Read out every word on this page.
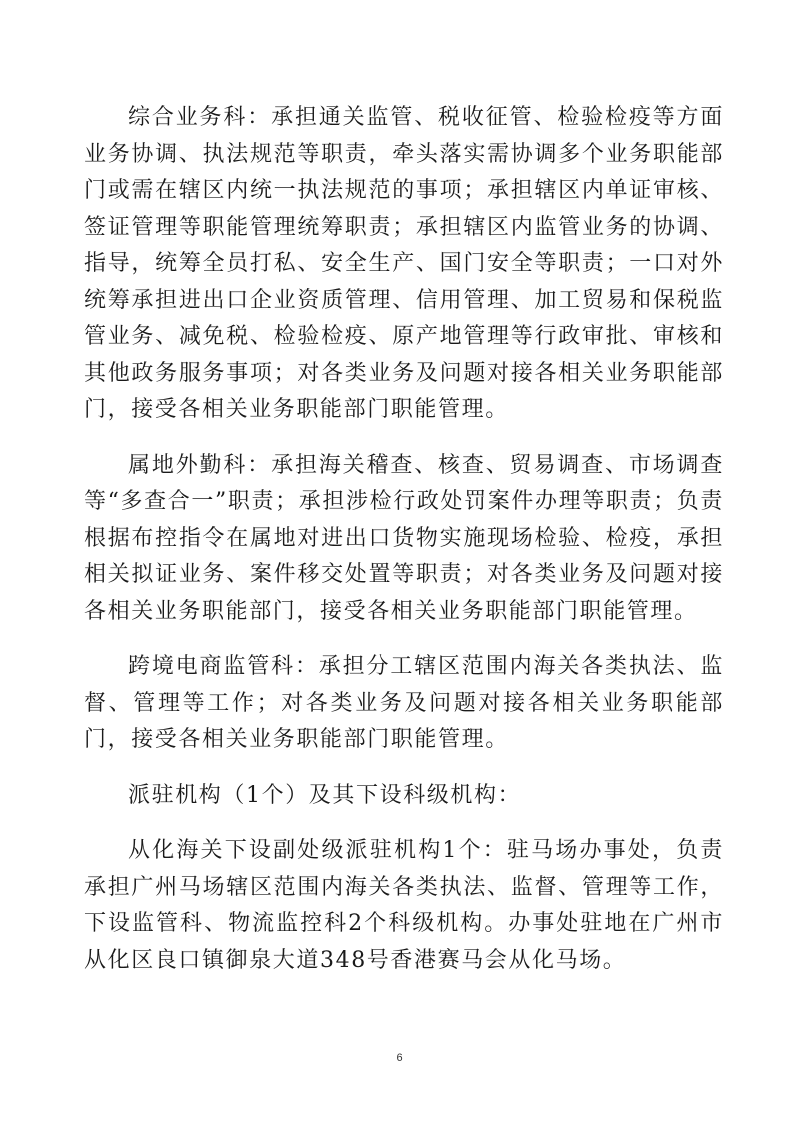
综合业务科：承担通关监管、税收征管、检验检疫等方面业务协调、执法规范等职责，牵头落实需协调多个业务职能部门或需在辖区内统一执法规范的事项；承担辖区内单证审核、签证管理等职能管理统筹职责；承担辖区内监管业务的协调、指导，统筹全员打私、安全生产、国门安全等职责；一口对外统筹承担进出口企业资质管理、信用管理、加工贸易和保税监管业务、减免税、检验检疫、原产地管理等行政审批、审核和其他政务服务事项；对各类业务及问题对接各相关业务职能部门，接受各相关业务职能部门职能管理。

属地外勤科：承担海关稽查、核查、贸易调查、市场调查等“多查合一”职责；承担涉检行政处罚案件办理等职责；负责根据布控指令在属地对进出口货物实施现场检验、检疫，承担相关拟证业务、案件移交处置等职责；对各类业务及问题对接各相关业务职能部门，接受各相关业务职能部门职能管理。

跨境电商监管科：承担分工辖区范围内海关各类执法、监督、管理等工作；对各类业务及问题对接各相关业务职能部门，接受各相关业务职能部门职能管理。

派驻机构（1个）及其下设科级机构：

从化海关下设副处级派驻机构1个：驻马场办事处，负责承担广州马场辖区范围内海关各类执法、监督、管理等工作，下设监管科、物流监控科2个科级机构。办事处驻地在广州市从化区良口镇御泉大道348号香港赛马会从化马场。

6
